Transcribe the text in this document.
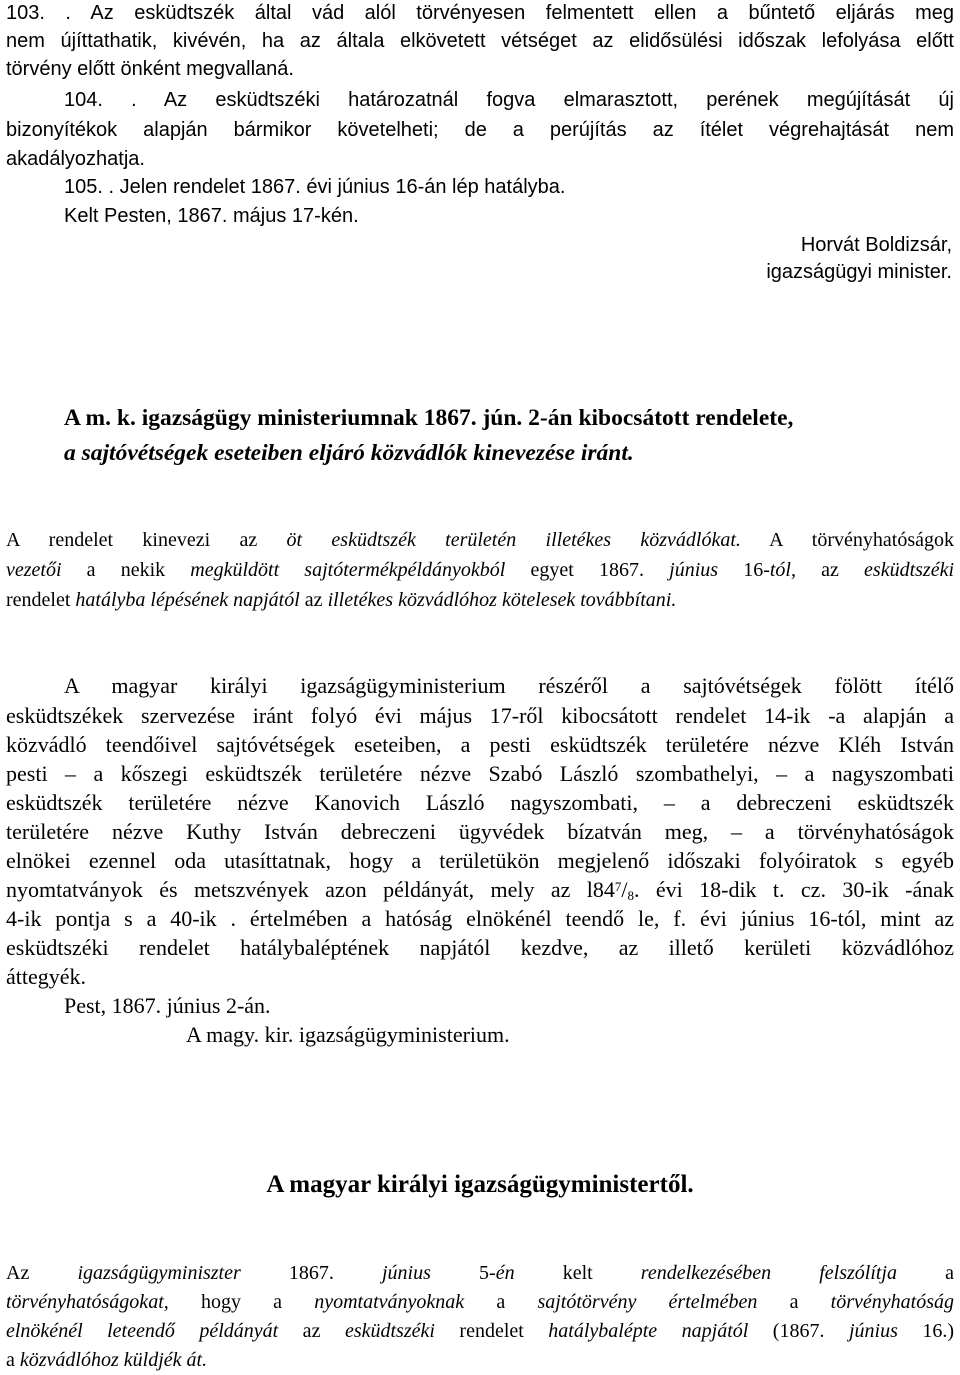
103. . Az esküdtszék által vád alól törvényesen felmentett ellen a bűntető eljárás meg
nem újíttathatik, kivévén, ha az általa elkövetett vétséget az elidősülési időszak lefolyása előtt
törvény előtt önként megvallaná.
104. . Az esküdtszéki határozatnál fogva elmarasztott, perének megújítását új
bizonyítékok alapján bármikor követelheti; de a perújítás az ítélet végrehajtását nem
akadályozhatja.
105. . Jelen rendelet 1867. évi június 16-án lép hatályba.
Kelt Pesten, 1867. május 17-kén.
Horvát Boldizsár,
igazságügyi minister.
A m. k. igazságügy ministeriumnak 1867. jún. 2-án kibocsátott rendelete,
a sajtóvétségek eseteiben eljáró közvádlók kinevezése iránt.
A rendelet kinevezi az öt esküdtszék területén illetékes közvádlókat. A törvényhatóságok
vezetői a nekik megküldött sajtótermékpéldányokból egyet 1867. június 16-tól, az esküdtszéki
rendelet hatályba lépésének napjától az illetékes közvádlóhoz kötelesek továbbítani.
A magyar királyi igazságügyministerium részéről a sajtóvétségek fölött ítélő
esküdtszékek szervezése iránt folyó évi május 17-ről kibocsátott rendelet 14-ik -a alapján a
közvádló teendőivel sajtóvétségek eseteiben, a pesti esküdtszék területére nézve Kléh István
pesti – a kőszegi esküdtszék területére nézve Szabó László szombathelyi, – a nagyszombati
esküdtszék területére nézve Kanovich László nagyszombati, – a debreczeni esküdtszék
területére nézve Kuthy István debreczeni ügyvédek bízatván meg, – a törvényhatóságok
elnökei ezennel oda utasíttatnak, hogy a területükön megjelenő időszaki folyóiratok s egyéb
nyomtatványok és metszvények azon példányát, mely az $l84^7/_8$. évi 18-dik t. cz. 30-ik -ának
4-ik pontja s a 40-ik . értelmében a hatóság elnökénél teendő le, f. évi június 16-tól, mint az
esküdtszéki rendelet hatálybaléptének napjától kezdve, az illető kerületi közvádlóhoz
áttegyék.
Pest, 1867. június 2-án.
A magy. kir. igazságügyministerium.
A magyar királyi igazságügyministertől.
Az igazságügyminiszter 1867. június 5-én kelt rendelkezésében felszólítja a
törvényhatóságokat, hogy a nyomtatványoknak a sajtótörvény értelmében a törvényhatóság
elnökénél leteendő példányát az esküdtszéki rendelet hatálybalépte napjától (1867. június 16.)
a közvádlóhoz küldjék át.
